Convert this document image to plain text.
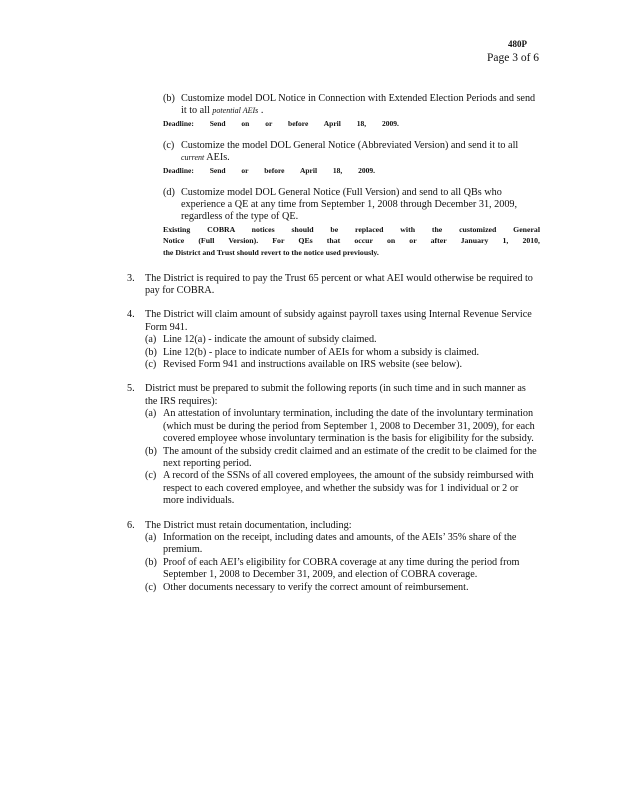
480P
Page 3 of 6
(b) Customize model DOL Notice in Connection with Extended Election Periods and send it to all potential AEIs .
Deadline: Send on or before April 18, 2009.
(c) Customize the model DOL General Notice (Abbreviated Version) and send it to all current AEIs.
Deadline: Send or before April 18, 2009.
(d) Customize model DOL General Notice (Full Version) and send to all QBs who experience a QE at any time from September 1, 2008 through December 31, 2009, regardless of the type of QE.
Existing COBRA notices should be replaced with the customized General
Notice (Full Version). For QEs that occur on or after January 1, 2010,
the District and Trust should revert to the notice used previously.
3. The District is required to pay the Trust 65 percent or what AEI would otherwise be required to pay for COBRA.
4. The District will claim amount of subsidy against payroll taxes using Internal Revenue Service Form 941.
(a) Line 12(a) - indicate the amount of subsidy claimed.
(b) Line 12(b) - place to indicate number of AEIs for whom a subsidy is claimed.
(c) Revised Form 941 and instructions available on IRS website (see below).
5. District must be prepared to submit the following reports (in such time and in such manner as the IRS requires):
(a) An attestation of involuntary termination, including the date of the involuntary termination (which must be during the period from September 1, 2008 to December 31, 2009), for each covered employee whose involuntary termination is the basis for eligibility for the subsidy.
(b) The amount of the subsidy credit claimed and an estimate of the credit to be claimed for the next reporting period.
(c) A record of the SSNs of all covered employees, the amount of the subsidy reimbursed with respect to each covered employee, and whether the subsidy was for 1 individual or 2 or more individuals.
6. The District must retain documentation, including:
(a) Information on the receipt, including dates and amounts, of the AEIs’ 35% share of the premium.
(b) Proof of each AEI’s eligibility for COBRA coverage at any time during the period from September 1, 2008 to December 31, 2009, and election of COBRA coverage.
(c) Other documents necessary to verify the correct amount of reimbursement.
